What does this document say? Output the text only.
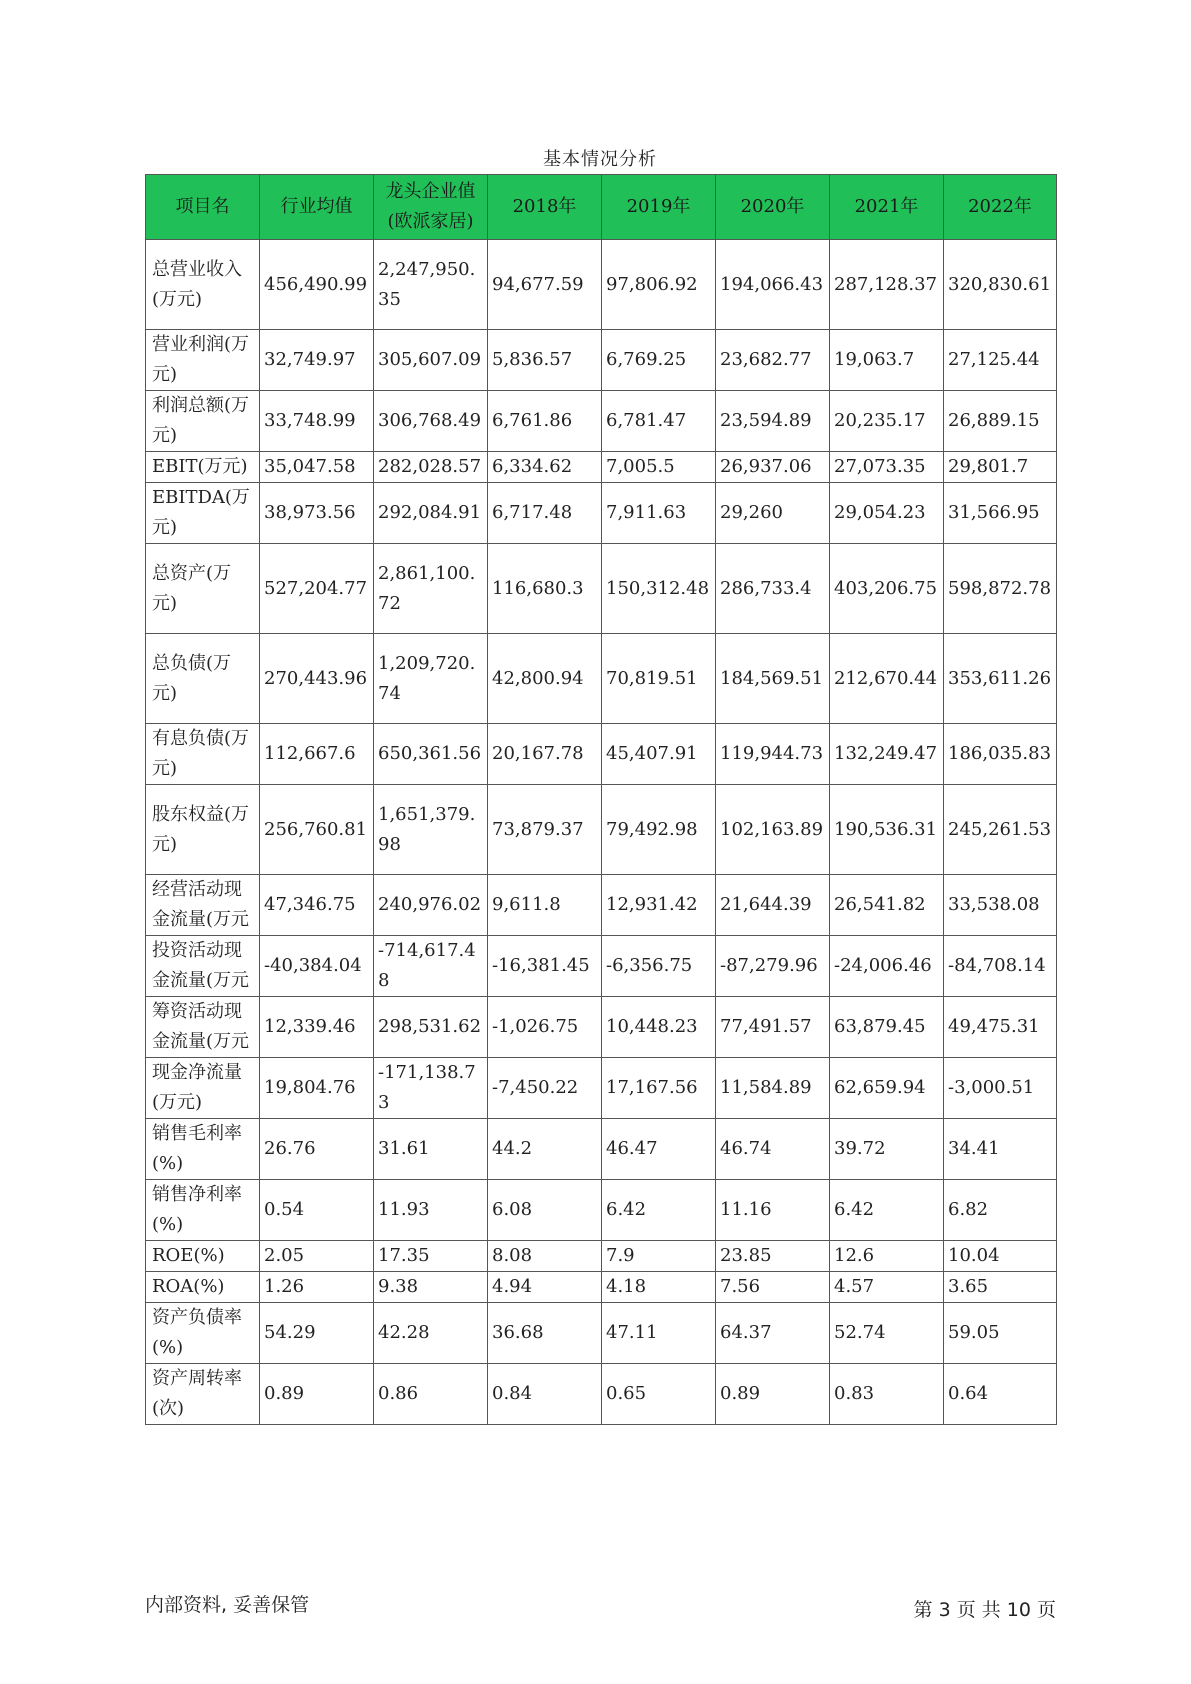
基本情况分析
项目名	行业均值	龙头企业值(欧派家居)	2018年	2019年	2020年	2021年	2022年
总营业收入(万元)	456,490.99	2,247,950.35	94,677.59	97,806.92	194,066.43	287,128.37	320,830.61
营业利润(万元)	32,749.97	305,607.09	5,836.57	6,769.25	23,682.77	19,063.7	27,125.44
利润总额(万元)	33,748.99	306,768.49	6,761.86	6,781.47	23,594.89	20,235.17	26,889.15
EBIT(万元)	35,047.58	282,028.57	6,334.62	7,005.5	26,937.06	27,073.35	29,801.7
EBITDA(万元)	38,973.56	292,084.91	6,717.48	7,911.63	29,260	29,054.23	31,566.95
总资产(万元)	527,204.77	2,861,100.72	116,680.3	150,312.48	286,733.4	403,206.75	598,872.78
总负债(万元)	270,443.96	1,209,720.74	42,800.94	70,819.51	184,569.51	212,670.44	353,611.26
有息负债(万元)	112,667.6	650,361.56	20,167.78	45,407.91	119,944.73	132,249.47	186,035.83
股东权益(万元)	256,760.81	1,651,379.98	73,879.37	79,492.98	102,163.89	190,536.31	245,261.53
经营活动现金流量(万元	47,346.75	240,976.02	9,611.8	12,931.42	21,644.39	26,541.82	33,538.08
投资活动现金流量(万元	-40,384.04	-714,617.48	-16,381.45	-6,356.75	-87,279.96	-24,006.46	-84,708.14
筹资活动现金流量(万元	12,339.46	298,531.62	-1,026.75	10,448.23	77,491.57	63,879.45	49,475.31
现金净流量(万元)	19,804.76	-171,138.73	-7,450.22	17,167.56	11,584.89	62,659.94	-3,000.51
销售毛利率(%)	26.76	31.61	44.2	46.47	46.74	39.72	34.41
销售净利率(%)	0.54	11.93	6.08	6.42	11.16	6.42	6.82
ROE(%)	2.05	17.35	8.08	7.9	23.85	12.6	10.04
ROA(%)	1.26	9.38	4.94	4.18	7.56	4.57	3.65
资产负债率(%)	54.29	42.28	36.68	47.11	64.37	52.74	59.05
资产周转率(次)	0.89	0.86	0.84	0.65	0.89	0.83	0.64
内部资料, 妥善保管	第 3 页 共 10 页
